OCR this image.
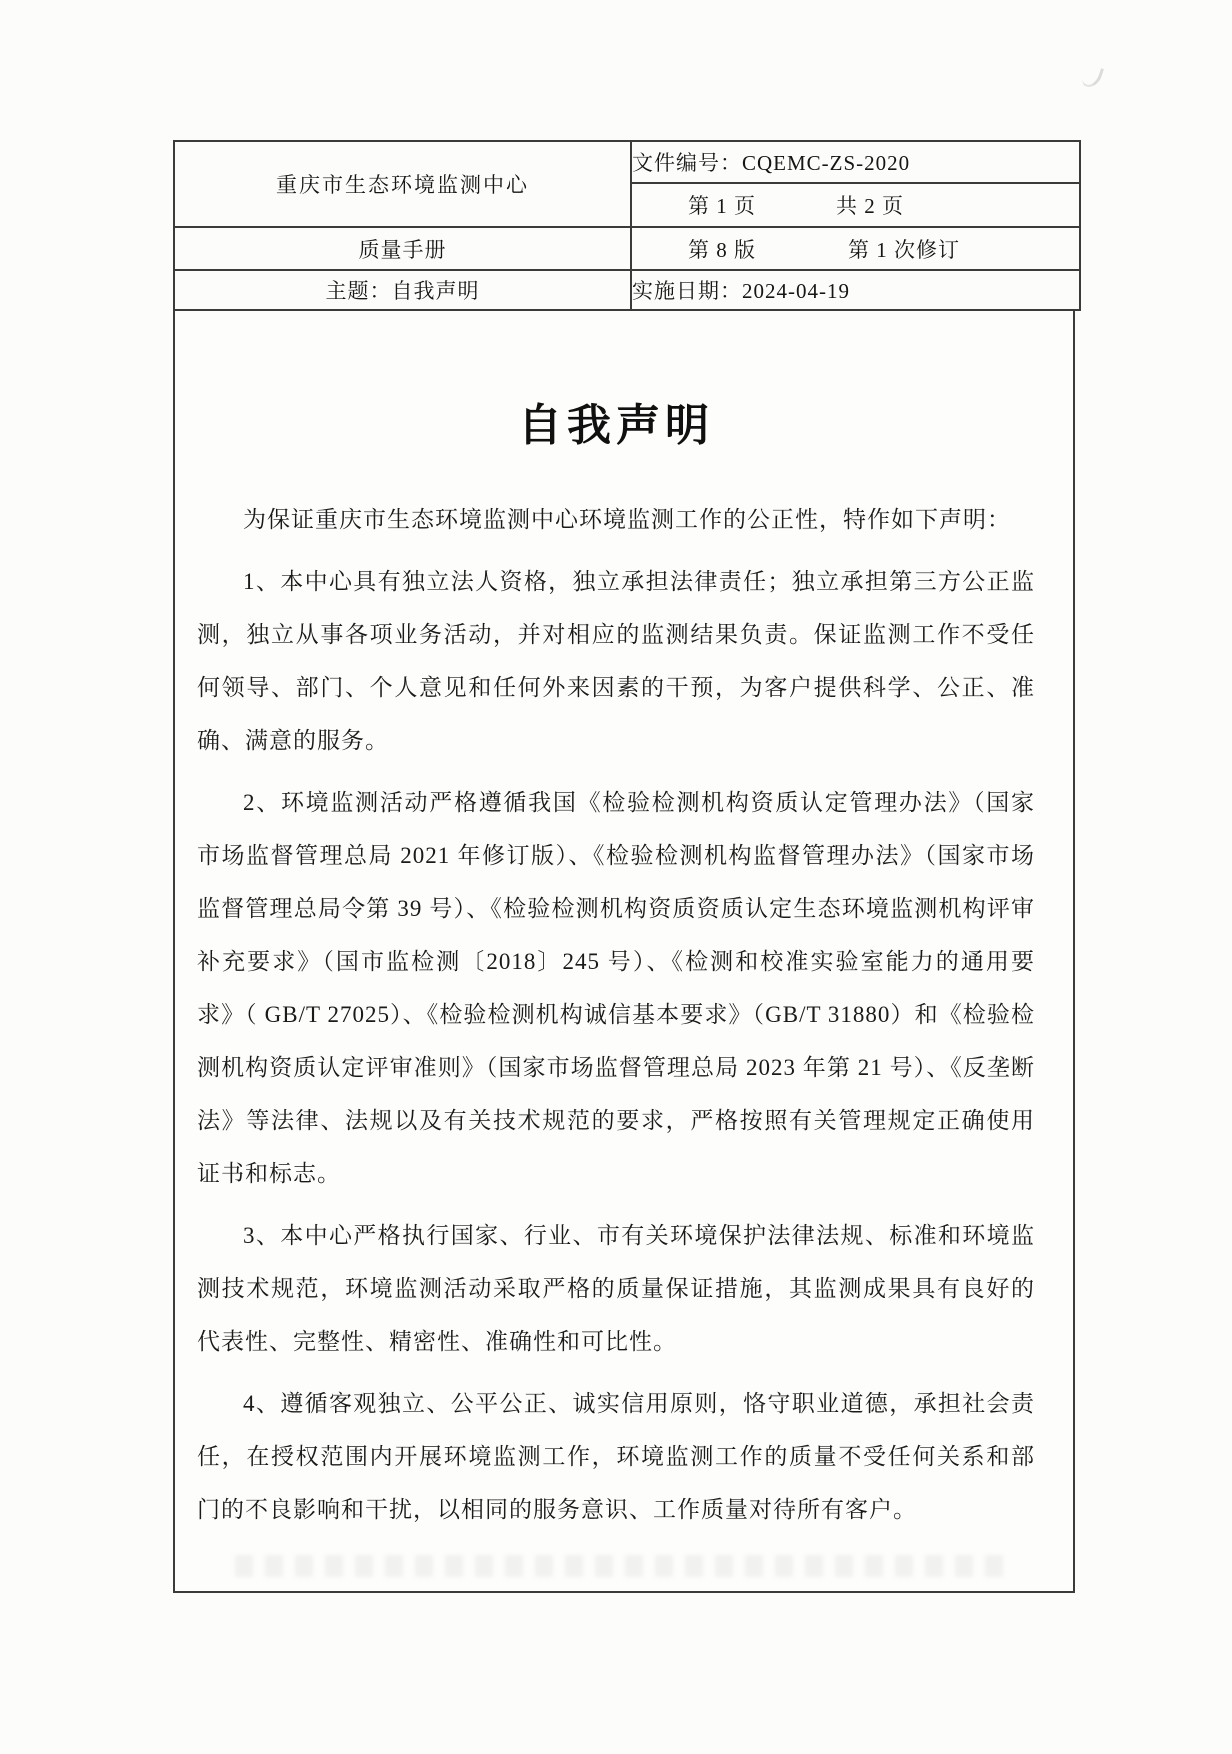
重庆市生态环境监测中心	文件编号：CQEMC-ZS-2020

	第 1 页 共 2 页

质量手册	第 8 版 第 1 次修订

主题：自我声明	实施日期：2024-04-19
自我声明

为保证重庆市生态环境监测中心环境监测工作的公正性，特作如下声明：

1、本中心具有独立法人资格，独立承担法律责任；独立承担第三方公正监测，独立从事各项业务活动，并对相应的监测结果负责。保证监测工作不受任何领导、部门、个人意见和任何外来因素的干预，为客户提供科学、公正、准确、满意的服务。

2、环境监测活动严格遵循我国《检验检测机构资质认定管理办法》（国家市场监督管理总局 2021 年修订版）、《检验检测机构监督管理办法》（国家市场监督管理总局令第 39 号）、《检验检测机构资质资质认定生态环境监测机构评审补充要求》（国市监检测〔2018〕245 号）、《检测和校准实验室能力的通用要求》（ GB/T 27025）、《检验检测机构诚信基本要求》（GB/T 31880）和《检验检测机构资质认定评审准则》（国家市场监督管理总局 2023 年第 21 号）、《反垄断法》等法律、法规以及有关技术规范的要求，严格按照有关管理规定正确使用证书和标志。

3、本中心严格执行国家、行业、市有关环境保护法律法规、标准和环境监测技术规范，环境监测活动采取严格的质量保证措施，其监测成果具有良好的代表性、完整性、精密性、准确性和可比性。

4、遵循客观独立、公平公正、诚实信用原则，恪守职业道德，承担社会责任，在授权范围内开展环境监测工作，环境监测工作的质量不受任何关系和部门的不良影响和干扰，以相同的服务意识、工作质量对待所有客户。
